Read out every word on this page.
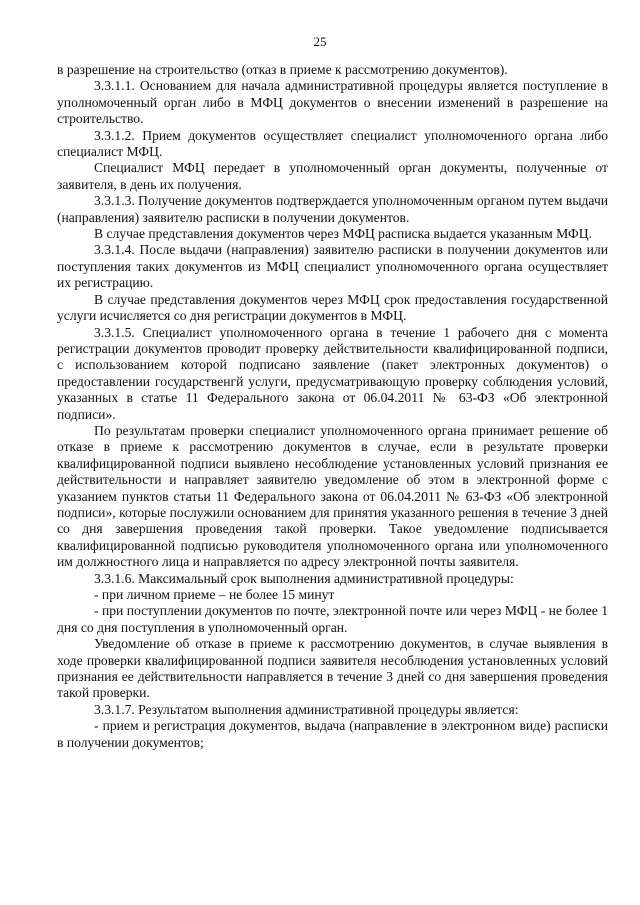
25

в разрешение на строительство (отказ в приеме к рассмотрению документов).

3.3.1.1. Основанием для начала административной процедуры является поступление в уполномоченный орган либо в МФЦ документов о внесении изменений в разрешение на строительство.

3.3.1.2. Прием документов осуществляет специалист уполномоченного органа либо специалист МФЦ.

Специалист МФЦ передает в уполномоченный орган документы, полученные от заявителя, в день их получения.

3.3.1.3. Получение документов подтверждается уполномоченным органом путем выдачи (направления) заявителю расписки в получении документов.

В случае представления документов через МФЦ расписка выдается указанным МФЦ.

3.3.1.4. После выдачи (направления) заявителю расписки в получении документов или поступления таких документов из МФЦ специалист уполномоченного органа осуществляет их регистрацию.

В случае представления документов через МФЦ срок предоставления государственной услуги исчисляется со дня регистрации документов в МФЦ.

3.3.1.5. Специалист уполномоченного органа в течение 1 рабочего дня с момента регистрации документов проводит проверку действительности квалифицированной подписи, с использованием которой подписано заявление (пакет электронных документов) о предоставлении государственгй услуги, предусматривающую проверку соблюдения условий, указанных в статье 11 Федерального закона от 06.04.2011 № 63-ФЗ «Об электронной подписи».

По результатам проверки специалист уполномоченного органа принимает решение об отказе в приеме к рассмотрению документов в случае, если в результате проверки квалифицированной подписи выявлено несоблюдение установленных условий признания ее действительности и направляет заявителю уведомление об этом в электронной форме с указанием пунктов статьи 11 Федерального закона от 06.04.2011 № 63-ФЗ «Об электронной подписи», которые послужили основанием для принятия указанного решения в течение 3 дней со дня завершения проведения такой проверки. Такое уведомление подписывается квалифицированной подписью руководителя уполномоченного органа или уполномоченного им должностного лица и направляется по адресу электронной почты заявителя.

3.3.1.6. Максимальный срок выполнения административной процедуры:

- при личном приеме – не более 15 минут

- при поступлении документов по почте, электронной почте или через МФЦ - не более 1 дня со дня поступления в уполномоченный орган.

Уведомление об отказе в приеме к рассмотрению документов, в случае выявления в ходе проверки квалифицированной подписи заявителя несоблюдения установленных условий признания ее действительности направляется в течение 3 дней со дня завершения проведения такой проверки.

3.3.1.7. Результатом выполнения административной процедуры является:

- прием и регистрация документов, выдача (направление в электронном виде) расписки в получении документов;
